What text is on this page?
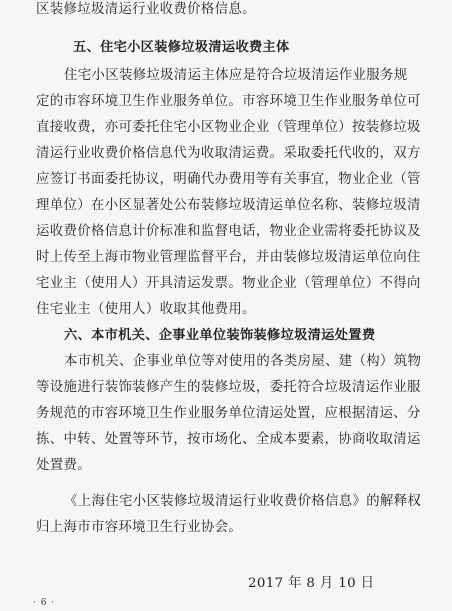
区装修垃圾清运行业收费价格信息。
五、住宅小区装修垃圾清运收费主体
住宅小区装修垃圾清运主体应是符合垃圾清运作业服务规
定的市容环境卫生作业服务单位。市容环境卫生作业服务单位可
直接收费，亦可委托住宅小区物业企业（管理单位）按装修垃圾
清运行业收费价格信息代为收取清运费。采取委托代收的，双方
应签订书面委托协议，明确代办费用等有关事宜，物业企业（管
理单位）在小区显著处公布装修垃圾清运单位名称、装修垃圾清
运收费价格信息计价标准和监督电话，物业企业需将委托协议及
时上传至上海市物业管理监督平台，并由装修垃圾清运单位向住
宅业主（使用人）开具清运发票。物业企业（管理单位）不得向
住宅业主（使用人）收取其他费用。
六、本市机关、企事业单位装饰装修垃圾清运处置费
本市机关、企事业单位等对使用的各类房屋、建（构）筑物
等设施进行装饰装修产生的装修垃圾，委托符合垃圾清运作业服
务规范的市容环境卫生作业服务单位清运处置，应根据清运、分
拣、中转、处置等环节，按市场化、全成本要素，协商收取清运
处置费。
《上海住宅小区装修垃圾清运行业收费价格信息》的解释权
归上海市市容环境卫生行业协会。
2017 年 8 月 10 日
· 6 ·
